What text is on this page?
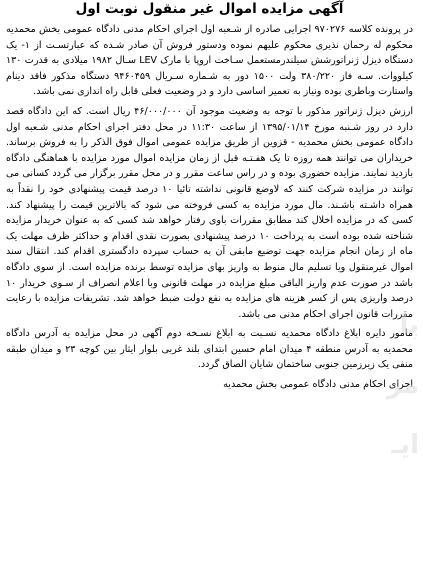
آگهی مزایده اموال غیر منقول نوبت اول
در پرونده کلاسه ۹۷۰۲۷۶ اجرایی صادره از شـعبه اول اجرای احکام مدنی دادگاه عمومی بخش محمدیه محکوم له رحمان نذیری محکوم علیهم نموده ودستور فروش آن صادر شـده که عبارتسـت از ۱- یک دستگاه دیزل ژنراتورشش سیلندرمستعمل سـاخت اروپا با مارک LEV سـال ۱۹۸۲ میلادی به قدرت ۱۳۰ کیلووات. سـه فاز ۳۸۰/۲۲۰ ولت ۱۵۰۰ دور به شـماره سـریال ۹۴۶۰۴۵۹ دستگاه مذکور فاقد دینام واستارت وباطری بوده ونیاز به تعمیر اساسی دارد و در وضعیت فعلی قابل راه اندازی نمی باشد.
ارزش دیزل ژنراتور مذکور با توجه به وضعیت موجود آن ۴۶/۰۰۰/۰۰۰ ریال است. که این دادگاه قصد دارد در روز شـنبه مورخ ۱۳۹۵/۰۱/۱۴ از ساعت ۱۱:۳۰ در محل دفتر اجرای احکام مدنی شـعبه اول دادگاه عمومی بخش محمدیه - قزوین از طریق مزایده عمومی اموال فوق الذکر را به فروش برساند. خریداران می توانند همه روزه تا یک هفـتـه قبل از زمان مزایده اموال مورد مزایده با هماهنگی دادگاه بازدید نمایند. مزایده حضوری بوده و در راس ساعت مقرر و در محل مقرر برگزار می گردد کسانی می توانند در مزایده شرکت کنند که لاوضع قانونی نداشته تائیا ۱۰ درصد قیمت پیشنهادی خود را نقداً به همراه داشـته باشـند. مال مورد مزایده به کسی فروخته می شود که بالاترین قیمت را پیشنهاد کند. کسی که در مزایده اخلال کند مطابق مقررات باوی رفتار خواهد شد کسی که به عنوان خریدار مزایده شناخته شده بوده است به پرداخت ۱۰ درصد پیشنهادی بصورت نقدی اقدام و حداکثر ظرف مهلت یک ماه از زمان انجام مزایده جهت توضیع مابقی آن به حساب سپرده دادگستری اقدام کند. انتقال سند اموال غیرمنقول ویا تسلیم مال منوط به واریز بهای مزایده توسط برنده مزایده است. از سوی دادگاه باشد در صورت عدم واریز الباقی مبلغ مزایده در مهلت قانونی وبا اعلام انصراف از سـوی خریدار ۱۰ درصد واریزی پس از کسر هزینه های مزایده به نفع دولت ضبط خواهد شد. تشریفات مزایده با رعایت مقررات قانون اجرای احکام مدنی می باشد.
مامور دایره ابلاغ دادگاه محمدیه نسـبت به ابلاغ نسـخه دوم آگهی در محل مزایده به آدرس دادگاه محمدیه به آدرس منطقه ۴ میدان امام حسین ابتدای بلند غربی بلوار ایثار بین کوچه ۲۳ و میدان طبقه منفی یک زیرزمین جنوبی ساختمان شایان الصاق گردد.
اجرای احکام مدنی دادگاه عمومی بخش محمدیه
پا
مز
ایـ
